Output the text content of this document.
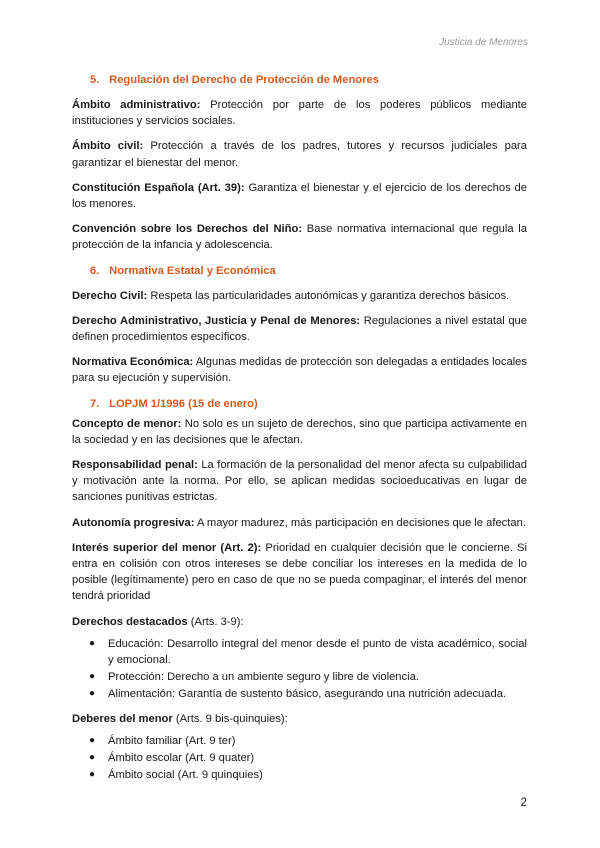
Justicia de Menores
5. Regulación del Derecho de Protección de Menores

Ámbito administrativo: Protección por parte de los poderes públicos mediante instituciones y servicios sociales.

Ámbito civil: Protección a través de los padres, tutores y recursos judiciales para garantizar el bienestar del menor.

Constitución Española (Art. 39): Garantiza el bienestar y el ejercicio de los derechos de los menores.

Convención sobre los Derechos del Niño: Base normativa internacional que regula la protección de la infancia y adolescencia.

6. Normativa Estatal y Económica

Derecho Civil: Respeta las particularidades autonómicas y garantiza derechos básicos.

Derecho Administrativo, Justicia y Penal de Menores: Regulaciones a nivel estatal que definen procedimientos específicos.

Normativa Económica: Algunas medidas de protección son delegadas a entidades locales para su ejecución y supervisión.

7. LOPJM 1/1996 (15 de enero)

Concepto de menor: No solo es un sujeto de derechos, sino que participa activamente en la sociedad y en las decisiones que le afectan.

Responsabilidad penal: La formación de la personalidad del menor afecta su culpabilidad y motivación ante la norma. Por ello, se aplican medidas socioeducativas en lugar de sanciones punitivas estrictas.

Autonomía progresiva: A mayor madurez, más participación en decisiones que le afectan.

Interés superior del menor (Art. 2): Prioridad en cualquier decisión que le concierne. Si entra en colisión con otros intereses se debe conciliar los intereses en la medida de lo posible (legítimamente) pero en caso de que no se pueda compaginar, el interés del menor tendrá prioridad

Derechos destacados (Arts. 3-9):

● Educación: Desarrollo integral del menor desde el punto de vista académico, social y emocional.
● Protección: Derecho a un ambiente seguro y libre de violencia.
● Alimentación: Garantía de sustento básico, asegurando una nutrición adecuada.

Deberes del menor (Arts. 9 bis-quinquies):

● Ámbito familiar (Art. 9 ter)
● Ámbito escolar (Art. 9 quater)
● Ámbito social (Art. 9 quinquies)
2
